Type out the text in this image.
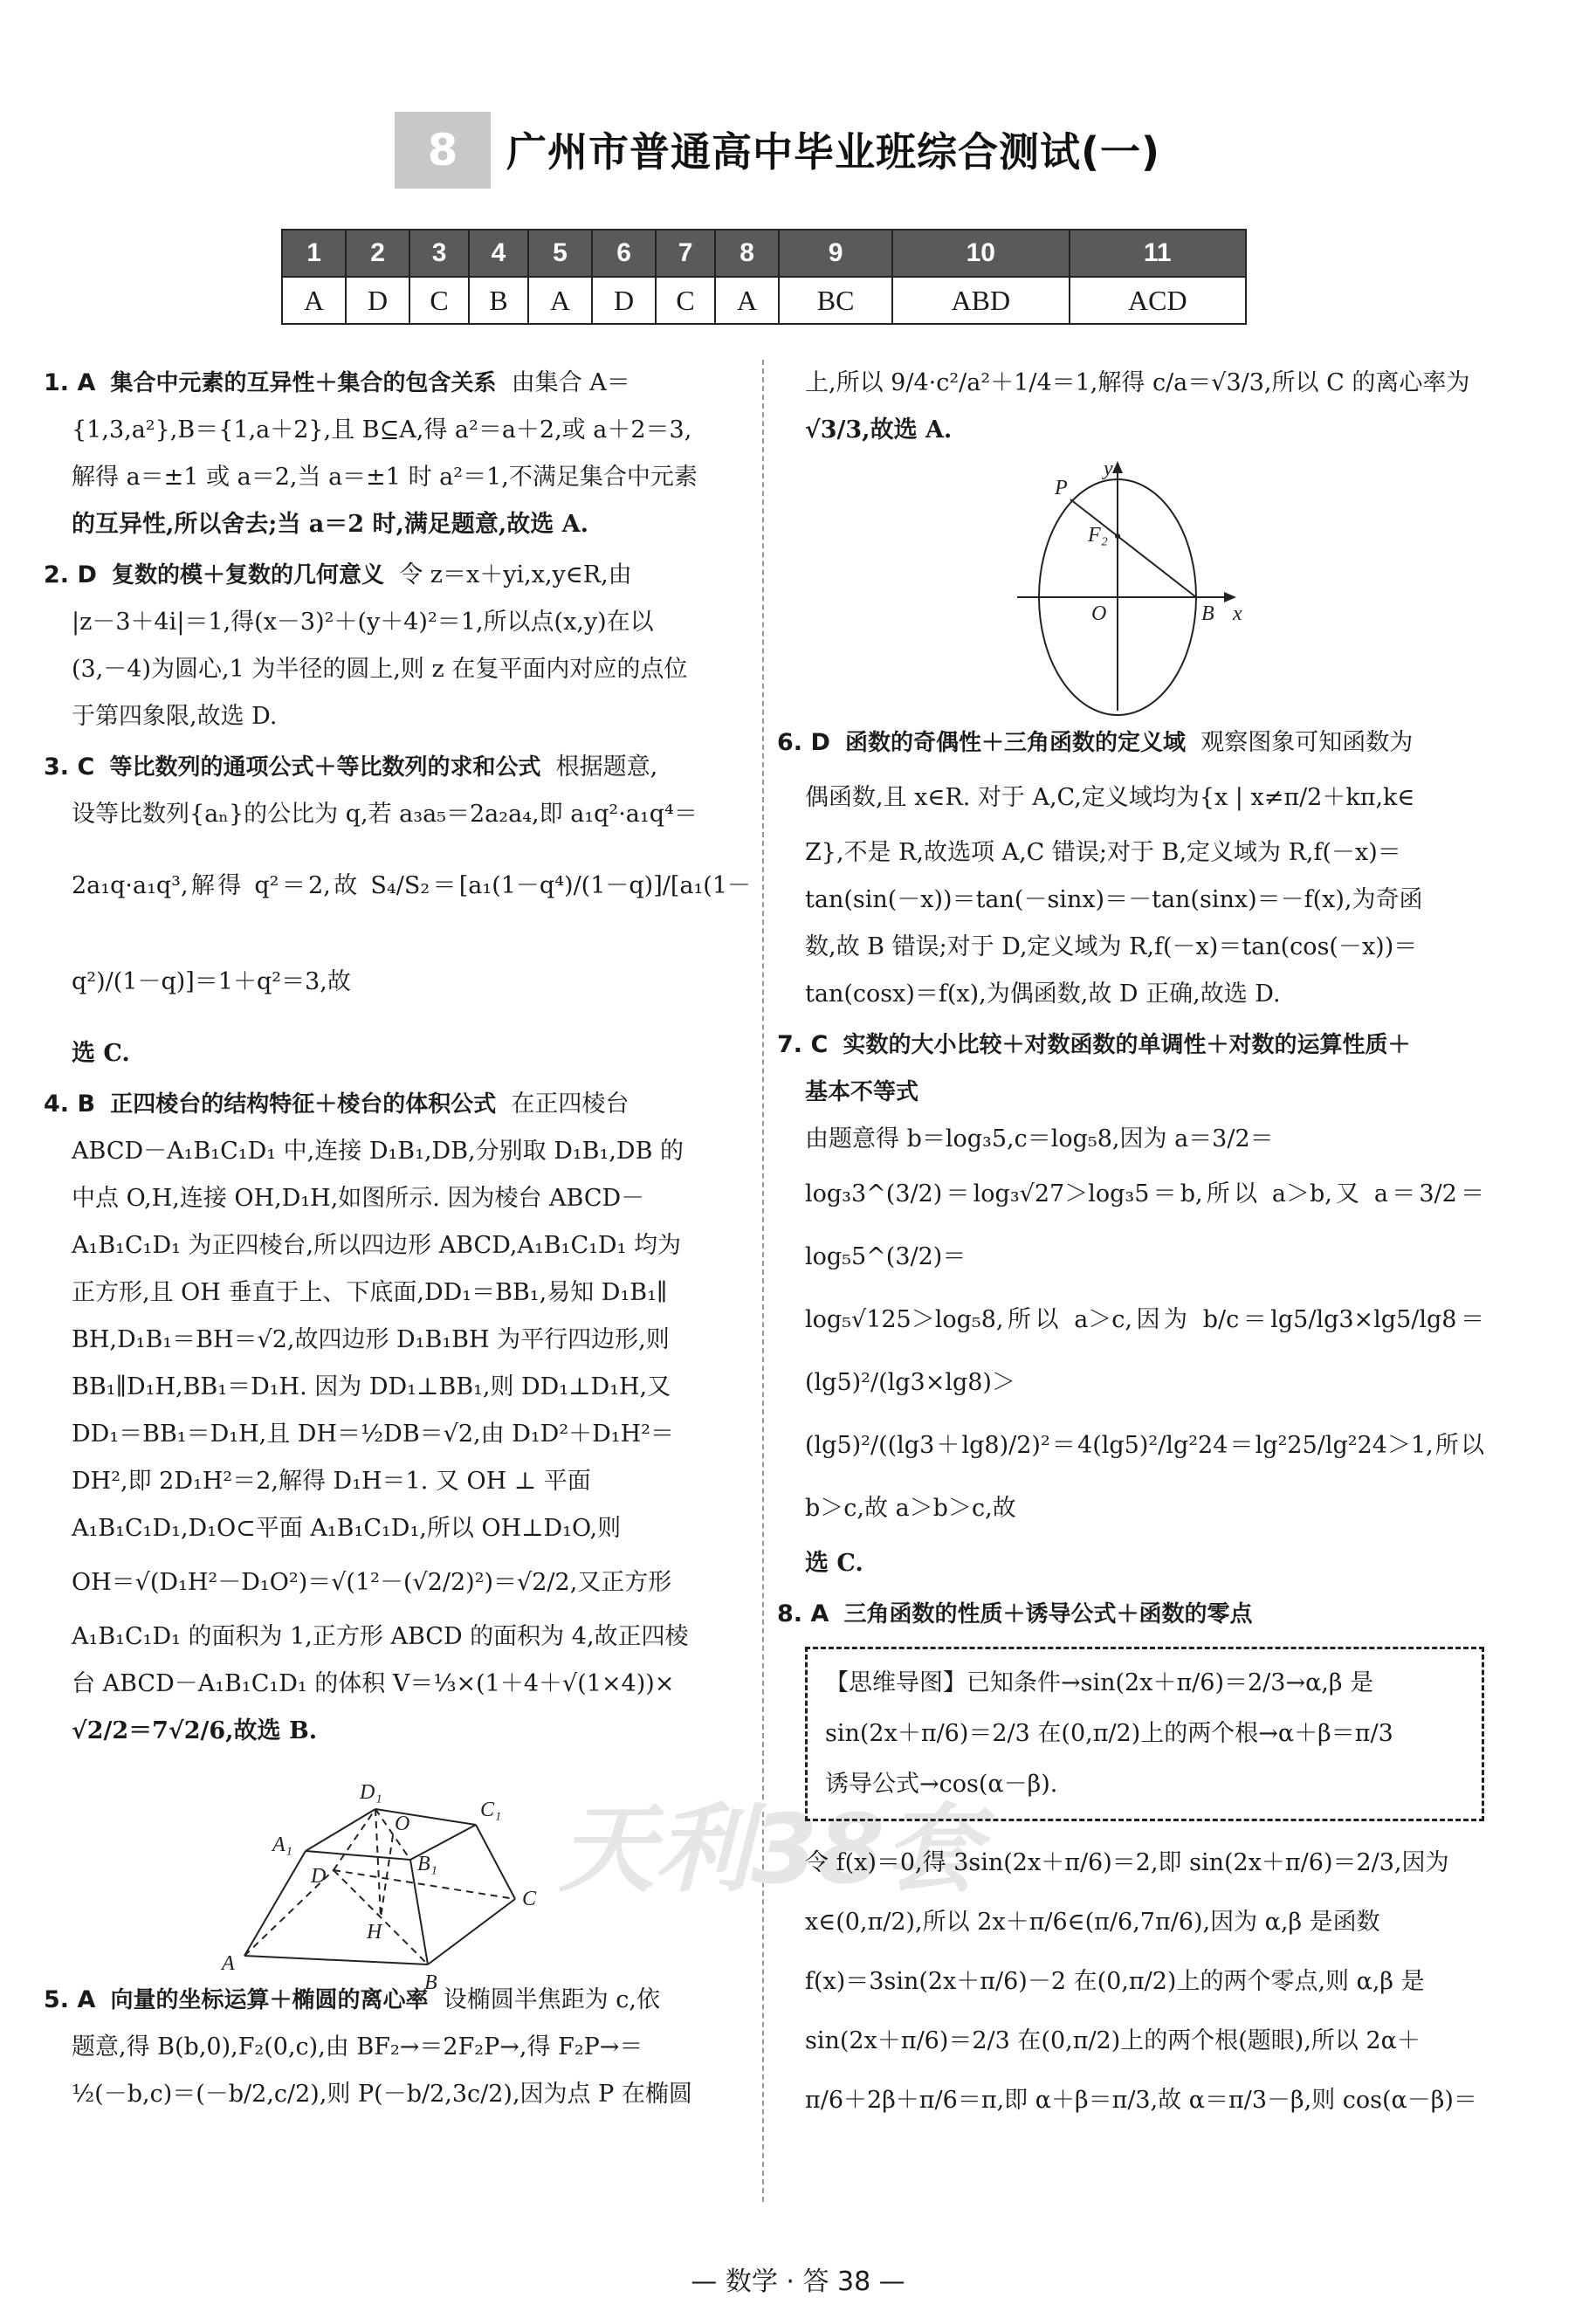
8 广州市普通高中毕业班综合测试(一)
1	2	3	4	5	6	7	8	9	10	11
A	D	C	B	A	D	C	A	BC	ABD	ACD
天利38套
1. A 集合中元素的互异性＋集合的包含关系 由集合 A＝
{1,3,a²},B＝{1,a＋2},且 B⊆A,得 a²＝a＋2,或 a＋2＝3,
解得 a＝±1 或 a＝2,当 a＝±1 时 a²＝1,不满足集合中元素
的互异性,所以舍去;当 a＝2 时,满足题意,故选 A.
2. D 复数的模＋复数的几何意义 令 z＝x＋yi,x,y∈R,由
|z－3＋4i|＝1,得(x－3)²＋(y＋4)²＝1,所以点(x,y)在以
(3,－4)为圆心,1 为半径的圆上,则 z 在复平面内对应的点位
于第四象限,故选 D.
3. C 等比数列的通项公式＋等比数列的求和公式 根据题意,
设等比数列{aₙ}的公比为 q,若 a₃a₅＝2a₂a₄,即 a₁q²·a₁q⁴＝
2a₁q·a₁q³,解得 q²＝2,故 S₄/S₂＝[a₁(1－q⁴)/(1－q)]/[a₁(1－q²)/(1－q)]＝1＋q²＝3,故
选 C.
4. B 正四棱台的结构特征＋棱台的体积公式 在正四棱台
ABCD－A₁B₁C₁D₁ 中,连接 D₁B₁,DB,分别取 D₁B₁,DB 的
中点 O,H,连接 OH,D₁H,如图所示. 因为棱台 ABCD－
A₁B₁C₁D₁ 为正四棱台,所以四边形 ABCD,A₁B₁C₁D₁ 均为
正方形,且 OH 垂直于上、下底面,DD₁＝BB₁,易知 D₁B₁∥
BH,D₁B₁＝BH＝√2,故四边形 D₁B₁BH 为平行四边形,则
BB₁∥D₁H,BB₁＝D₁H. 因为 DD₁⊥BB₁,则 DD₁⊥D₁H,又
DD₁＝BB₁＝D₁H,且 DH＝½DB＝√2,由 D₁D²＋D₁H²＝
DH²,即 2D₁H²＝2,解得 D₁H＝1. 又 OH ⊥ 平面
A₁B₁C₁D₁,D₁O⊂平面 A₁B₁C₁D₁,所以 OH⊥D₁O,则
OH＝√(D₁H²－D₁O²)＝√(1²－(√2/2)²)＝√2/2,又正方形
A₁B₁C₁D₁ 的面积为 1,正方形 ABCD 的面积为 4,故正四棱
台 ABCD－A₁B₁C₁D₁ 的体积 V＝⅓×(1＋4＋√(1×4))×
√2/2＝7√2/6,故选 B.
D₁
C₁
A₁
O
B₁
D
C
H
A
B
5. A 向量的坐标运算＋椭圆的离心率 设椭圆半焦距为 c,依
题意,得 B(b,0),F₂(0,c),由 BF₂→＝2F₂P→,得 F₂P→＝
½(－b,c)＝(－b/2,c/2),则 P(－b/2,3c/2),因为点 P 在椭圆
上,所以 9/4·c²/a²＋1/4＝1,解得 c/a＝√3/3,所以 C 的离心率为
√3/3,故选 A.
y
P
F₂
O	B x
6. D 函数的奇偶性＋三角函数的定义域 观察图象可知函数为
偶函数,且 x∈R. 对于 A,C,定义域均为{x | x≠π/2＋kπ,k∈
Z},不是 R,故选项 A,C 错误;对于 B,定义域为 R,f(－x)＝
tan(sin(－x))＝tan(－sinx)＝－tan(sinx)＝－f(x),为奇函
数,故 B 错误;对于 D,定义域为 R,f(－x)＝tan(cos(－x))＝
tan(cosx)＝f(x),为偶函数,故 D 正确,故选 D.
7. C 实数的大小比较＋对数函数的单调性＋对数的运算性质＋
基本不等式
由题意得 b＝log₃5,c＝log₅8,因为 a＝3/2＝
log₃3^(3/2)＝log₃√27＞log₃5＝b,所以 a＞b,又 a＝3/2＝log₅5^(3/2)＝
log₅√125＞log₅8,所以 a＞c,因为 b/c＝lg5/lg3×lg5/lg8＝(lg5)²/(lg3×lg8)＞
(lg5)²/((lg3＋lg8)/2)²＝4(lg5)²/lg²24＝lg²25/lg²24＞1,所以 b＞c,故 a＞b＞c,故
选 C.
8. A 三角函数的性质＋诱导公式＋函数的零点
【思维导图】已知条件→sin(2x＋π/6)＝2/3→α,β 是
sin(2x＋π/6)＝2/3 在(0,π/2)上的两个根→α＋β＝π/3
诱导公式→cos(α－β).
令 f(x)＝0,得 3sin(2x＋π/6)＝2,即 sin(2x＋π/6)＝2/3,因为
x∈(0,π/2),所以 2x＋π/6∈(π/6,7π/6),因为 α,β 是函数
f(x)＝3sin(2x＋π/6)－2 在(0,π/2)上的两个零点,则 α,β 是
sin(2x＋π/6)＝2/3 在(0,π/2)上的两个根(题眼),所以 2α＋
π/6＋2β＋π/6＝π,即 α＋β＝π/3,故 α＝π/3－β,则 cos(α－β)＝
— 数学 · 答 38 —
